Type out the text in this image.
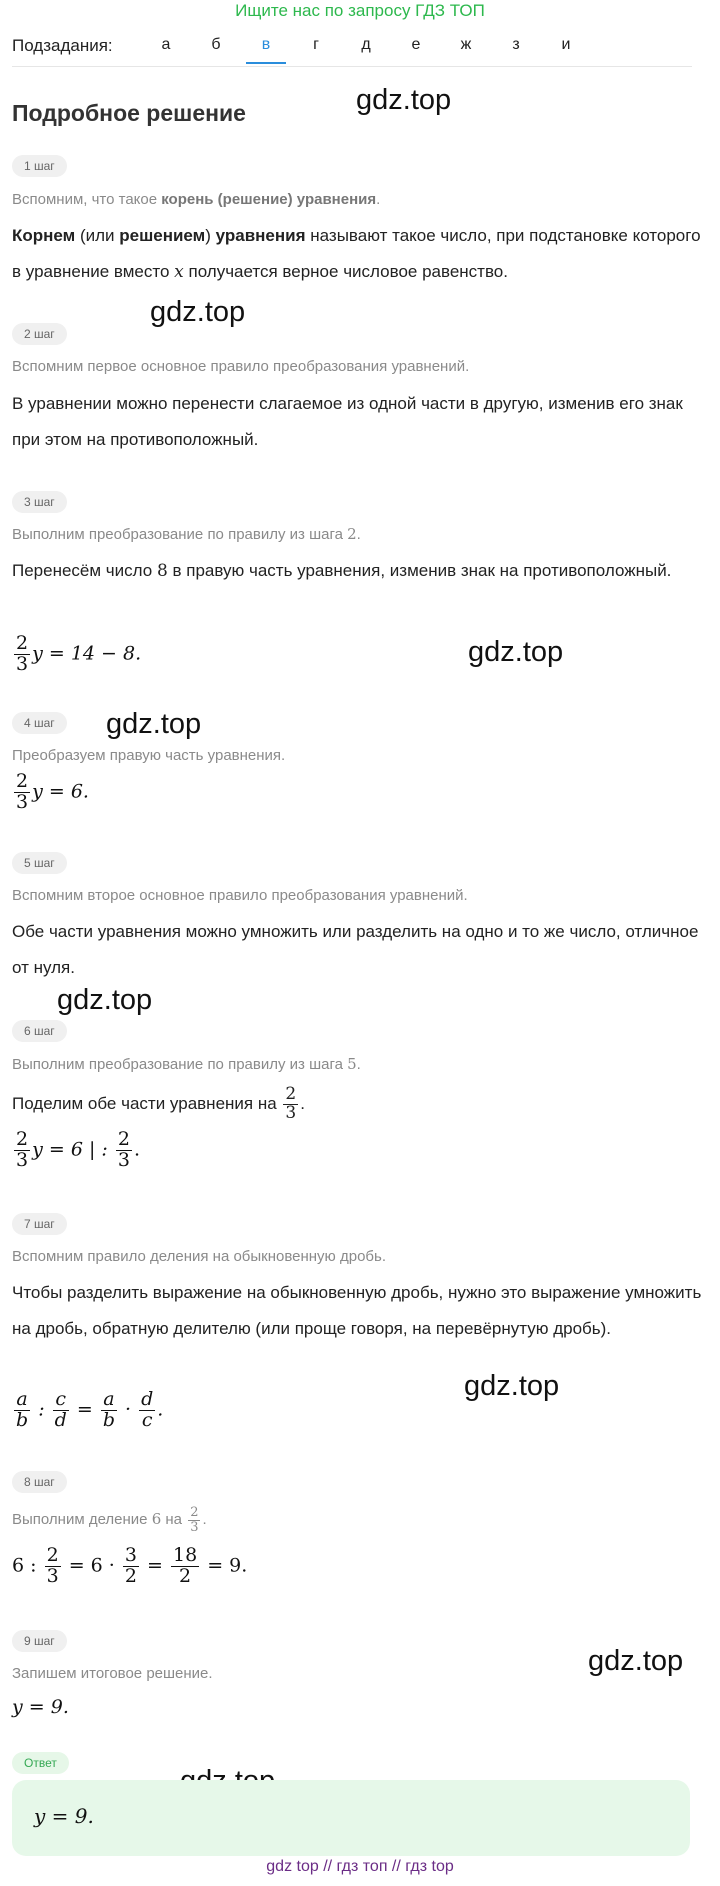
Ищите нас по запросу ГДЗ ТОП
Подзадания:	а	б	в	г	д	е	ж	з	и
Подробное решение	gdz.top
gdz.top
gdz.top
gdz.top
gdz.top
gdz.top
gdz.top
1 шаг
Вспомним, что такое корень (решение) уравнения.
Корнем (или решением) уравнения называют такое число, при подстановке которого в уравнение вместо x получается верное числовое равенство.
2 шаг
Вспомним первое основное правило преобразования уравнений.
В уравнении можно перенести слагаемое из одной части в другую, изменив его знак при этом на противоположный.
3 шаг
Выполним преобразование по правилу из шага 2.
Перенесём число 8 в правую часть уравнения, изменив знак на противоположный.
$\frac{2}{3}$ y = 14 − 8.
4 шаг
Преобразуем правую часть уравнения.
$\frac{2}{3}$ y = 6.
5 шаг
Вспомним второе основное правило преобразования уравнений.
Обе части уравнения можно умножить или разделить на одно и то же число, отличное от нуля.
6 шаг
Выполним преобразование по правилу из шага 5.
Поделим обе части уравнения на $\frac{2}{3}$ .
$\frac{2}{3}$ y = 6 | : $\frac{2}{3}$ .
7 шаг
Вспомним правило деления на обыкновенную дробь.
Чтобы разделить выражение на обыкновенную дробь, нужно это выражение умножить на дробь, обратную делителю (или проще говоря, на перевёрнутую дробь).
$\frac{a}{b}$ : $\frac{c}{d} = \frac{a}{b} \cdot \frac{d}{c}$ .
8 шаг
Выполним деление 6 на $\frac{2}{3}$ .
6 : $\frac{2}{3} = 6 \cdot \frac{3}{2} = \frac{18}{2} = 9$.
9 шаг
Запишем итоговое решение.
y = 9.
Ответ
y = 9.
gdz top // гдз топ // гдз top
